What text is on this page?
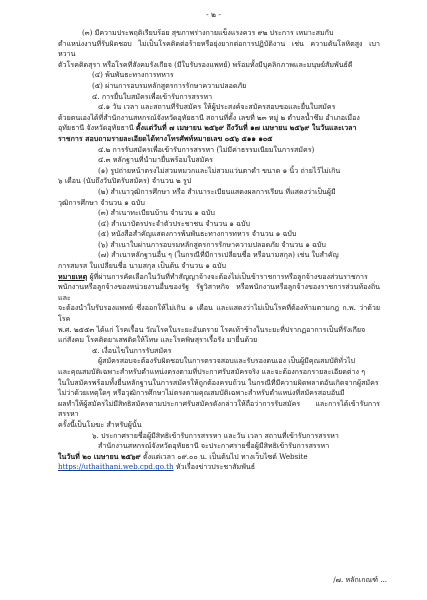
- ๒ -

(๓) มีความประพฤติเรียบร้อย สุขภาพร่างกายแข็งแรงควร ๙๒ ประการ เหมาะสมกับ

ตำแหน่งงานที่รับผิดชอบ ไม่เป็นโรคติดต่อร้ายหรือยุ่งยากต่อการปฏิบัติงาน เช่น ความดันโลหิตสูง เบาหวาน

ตัวโรคติดสุรา หรือโรคที่สังคมรังเกียจ (มีใบรับรองแพทย์) พร้อมทั้งมีบุคลิกภาพและมนุษย์สัมพันธ์ดี

(๔) พ้นพันธะทางการทหาร

(๕) ผ่านการอบรมหลักสูตรการรักษาความปลอดภัย

๔. การยื่นใบสมัครเพื่อเข้ารับการสรรหา

๔.๑ วัน เวลา และสถานที่รับสมัคร ให้ผู้ประสงค์จะสมัครสอบขอและยื่นใบสมัคร

ด้วยตนเองได้ที่สำนักงานสหกรณ์จังหวัดอุทัยธานี สถานที่ตั้ง เลขที่ ๒๓ หมู่ ๒ ตำบลน้ำซึม อำเภอเมือง

อุทัยธานี จังหวัดอุทัยธานี ตั้งแต่วันที่ ๗ เมษายน ๒๕๖๙ ถึงวันที่ ๑๗ เมษายน ๒๕๖๙ ในวันและเวลา

ราชการ สอบถามรายละเอียดได้ทางโทรศัพท์หมายเลข ๐๕๖ ๕๑๑ ๑๐๕

๔.๒ การรับสมัครเพื่อเข้ารับการสรรหา (ไม่มีค่าธรรมเนียมในการสมัคร)

๔.๓ หลักฐานที่นำมายื่นพร้อมใบสมัคร

(๑) รูปถ่ายหน้าตรงไม่สวมหมวกและไม่สวมแว่นตาดำ ขนาด ๑ นิ้ว ถ่ายไว้ไม่เกิน

๖ เดือน (นับถึงวันปิดรับสมัคร) จำนวน ๒ รูป

(๒) สำเนาวุฒิการศึกษา หรือ สำเนาระเบียนแสดงผลการเรียน ที่แสดงว่าเป็นผู้มี

วุฒิการศึกษา จำนวน ๑ ฉบับ

(๓) สำเนาทะเบียนบ้าน จำนวน ๑ ฉบับ

(๔) สำเนาบัตรประจำตัวประชาชน จำนวน ๑ ฉบับ

(๕) หนังสือสำคัญแสดงการพ้นพันธะทางการทหาร จำนวน ๑ ฉบับ

(๖) สำเนาใบผ่านการอบรมหลักสูตรการรักษาความปลอดภัย จำนวน ๑ ฉบับ

(๗) สำเนาหลักฐานอื่น ๆ (ในกรณีที่มีการเปลี่ยนชื่อ หรือนามสกุล) เช่น ใบสำคัญ

การสมรส ใบเปลี่ยนชื่อ นามสกุล เป็นต้น จำนวน ๑ ฉบับ

หมายเหตุ ผู้ที่ผ่านการคัดเลือกในวันที่ทำสัญญาจ้างจะต้องไม่เป็นข้าราชการหรือลูกจ้างของส่วนราชการ

พนักงานหรือลูกจ้างของหน่วยงานอื่นของรัฐ รัฐวิสาหกิจ หรือพนักงานหรือลูกจ้างของราชการส่วนท้องถิ่นและ

จะต้องนำใบรับรองแพทย์ ซึ่งออกให้ไม่เกิน ๑ เดือน และแสดงว่าไม่เป็นโรคที่ต้องห้ามตามกฎ ก.พ. ว่าด้วยโรค

พ.ศ. ๒๕๕๓ ได้แก่ โรคเรื้อน วัณโรคในระยะอันตราย โรคเท้าช้างในระยะที่ปรากฏอาการเป็นที่รังเกียจ

แก่สังคม โรคติดยาเสพติดให้โทษ และโรคพิษสุราเรื้อรัง มายื่นด้วย

๕. เงื่อนไขในการรับสมัคร

ผู้สมัครสอบจะต้องรับผิดชอบในการตรวจสอบและรับรองตนเอง เป็นผู้มีคุณสมบัติทั่วไป

และคุณสมบัติเฉพาะสำหรับตำแหน่งตรงตามที่ประกาศรับสมัครจริง และจะต้องกรอกรายละเอียดต่าง ๆ

ในใบสมัครพร้อมทั้งยื่นหลักฐานในการสมัครให้ถูกต้องครบถ้วน ในกรณีที่มีความผิดพลาดอันเกิดจากผู้สมัคร

ไม่ว่าด้วยเหตุใดๆ หรือวุฒิการศึกษาไม่ตรงตามคุณสมบัติเฉพาะสำหรับตำแหน่งที่สมัครสอบอันมี

ผลทำให้ผู้สมัครไม่มีสิทธิสมัครตามประกาศรับสมัครดังกล่าวให้ถือว่าการรับสมัคร และการได้เข้ารับการสรรหา

ครั้งนี้เป็นโมฆะ สำหรับผู้นั้น

๖. ประกาศรายชื่อผู้มีสิทธิเข้ารับการสรรหา และวัน เวลา สถานที่เข้ารับการสรรหา

สำนักงานสหกรณ์จังหวัดอุทัยธานี จะประกาศรายชื่อผู้มีสิทธิเข้ารับการสรรหา

ในวันที่ ๒๐ เมษายน ๒๕๖๙ ตั้งแต่เวลา ๐๙.๐๐ น. เป็นต้นไป ทางเว็บไซต์ Website

https://uthaithani.web.cpd.go.th หัวเรื่องข่าวประชาสัมพันธ์

/๗. หลักเกณฑ์ ...
